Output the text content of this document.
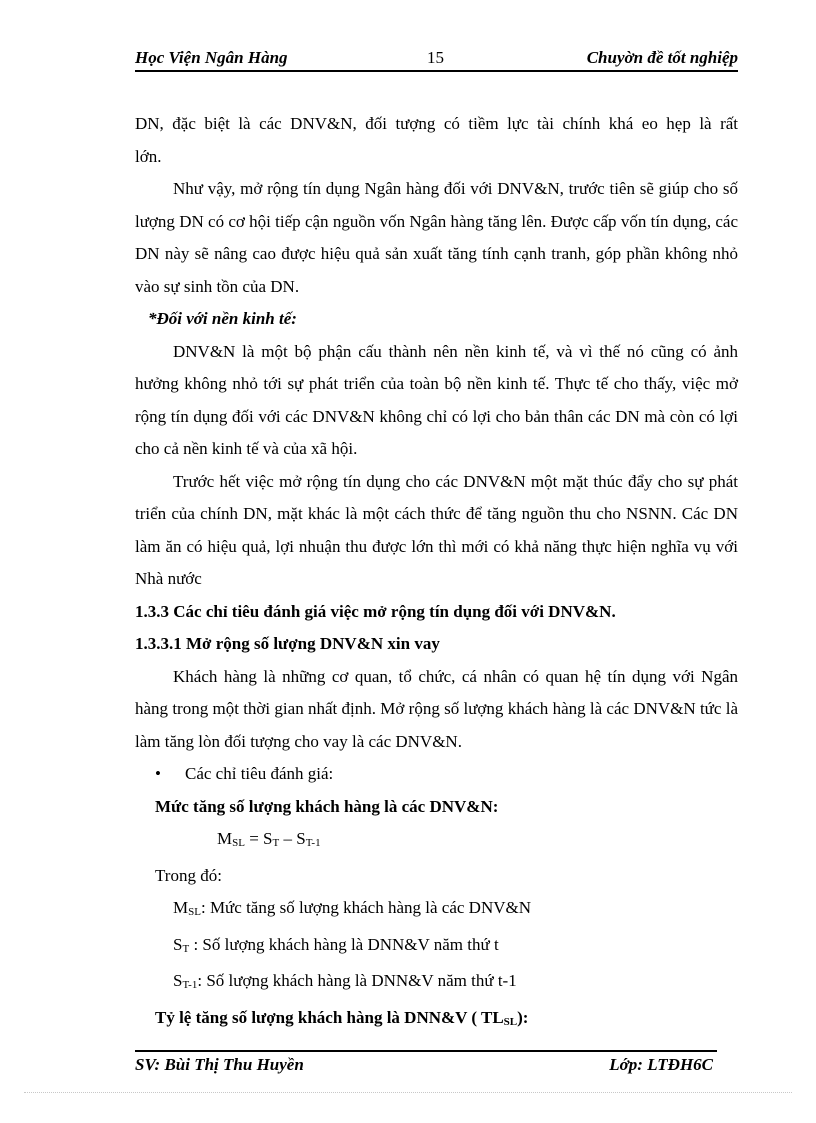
Học Viện Ngân Hàng	15	Chuyờn đề tốt nghiệp

DN, đặc biệt là các DNV&N, đối tượng có tiềm lực tài chính khá eo hẹp là rất

lớn.

Như vậy, mở rộng tín dụng Ngân hàng đối với DNV&N, trước tiên sẽ giúp cho số lượng DN có cơ hội tiếp cận nguồn vốn Ngân hàng tăng lên. Được cấp vốn tín dụng, các DN này sẽ nâng cao được hiệu quả sản xuất tăng tính cạnh tranh, góp phần không nhỏ vào sự sinh tồn của DN.

*Đối với nền kinh tế:

DNV&N là một bộ phận cấu thành nên nền kinh tế, và vì thế nó cũng có ảnh hưởng không nhỏ tới sự phát triển của toàn bộ nền kinh tế. Thực tế cho thấy, việc mở rộng tín dụng đối với các DNV&N không chỉ có lợi cho bản thân các DN mà còn có lợi cho cả nền kinh tế và của xã hội.

Trước hết việc mở rộng tín dụng cho các DNV&N một mặt thúc đẩy cho sự phát triển của chính DN, mặt khác là một cách thức để tăng nguồn thu cho NSNN. Các DN làm ăn có hiệu quả, lợi nhuận thu được lớn thì mới có khả năng thực hiện nghĩa vụ với Nhà nước

1.3.3 Các chỉ tiêu đánh giá việc mở rộng tín dụng đối với DNV&N.

1.3.3.1 Mở rộng số lượng DNV&N xin vay

Khách hàng là những cơ quan, tổ chức, cá nhân có quan hệ tín dụng với Ngân hàng trong một thời gian nhất định. Mở rộng số lượng khách hàng là các DNV&N tức là làm tăng lòn đối tượng cho vay là các DNV&N.

• Các chỉ tiêu đánh giá:

Mức tăng số lượng khách hàng là các DNV&N:

$M_{SL} = S_T - S_{T-1}$

Trong đó:

$M_{SL}$: Mức tăng số lượng khách hàng là các DNV&N

$S_T$ : Số lượng khách hàng là DNN&V năm thứ t

$S_{T-1}$: Số lượng khách hàng là DNN&V năm thứ t-1

Tỷ lệ tăng số lượng khách hàng là DNN&V ( $TL_{SL}$):

SV: Bùi Thị Thu Huyền	Lớp: LTĐH6C
